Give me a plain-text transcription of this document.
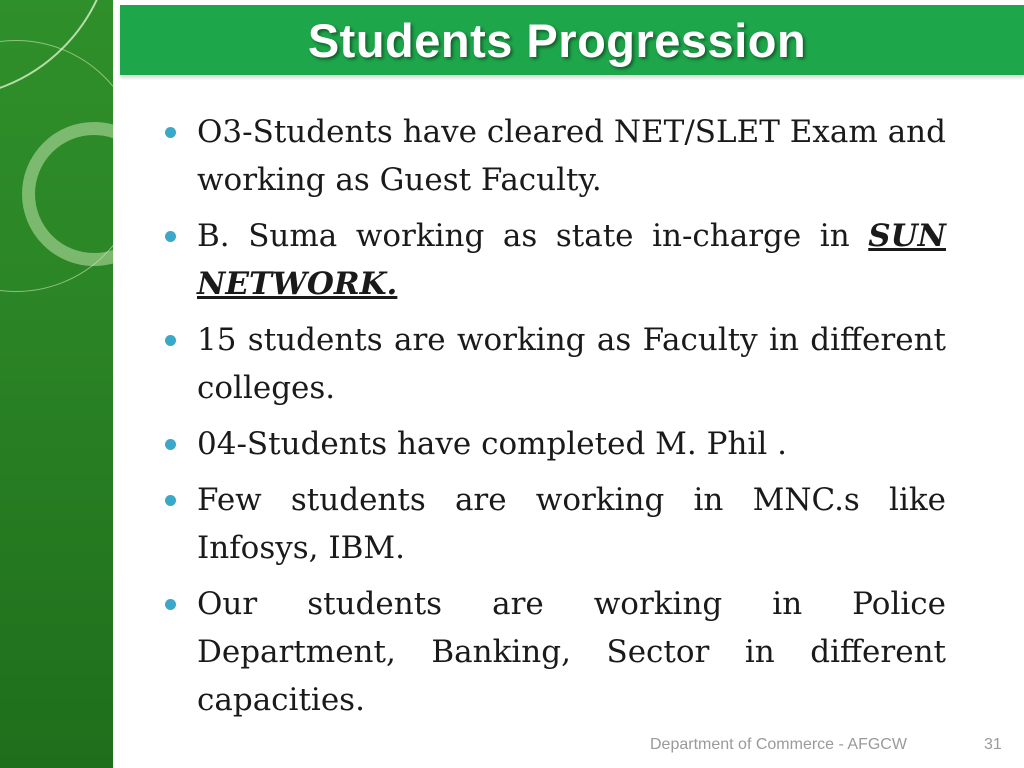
Students Progression
O3-Students have cleared NET/SLET Exam and working as Guest Faculty.
B. Suma working as state in-charge in SUN NETWORK.
15 students are working as Faculty in different colleges.
04-Students have completed M. Phil .
Few students are working in MNC.s like Infosys, IBM.
Our students are working in Police Department, Banking, Sector in different capacities.
Department of Commerce - AFGCW	31
